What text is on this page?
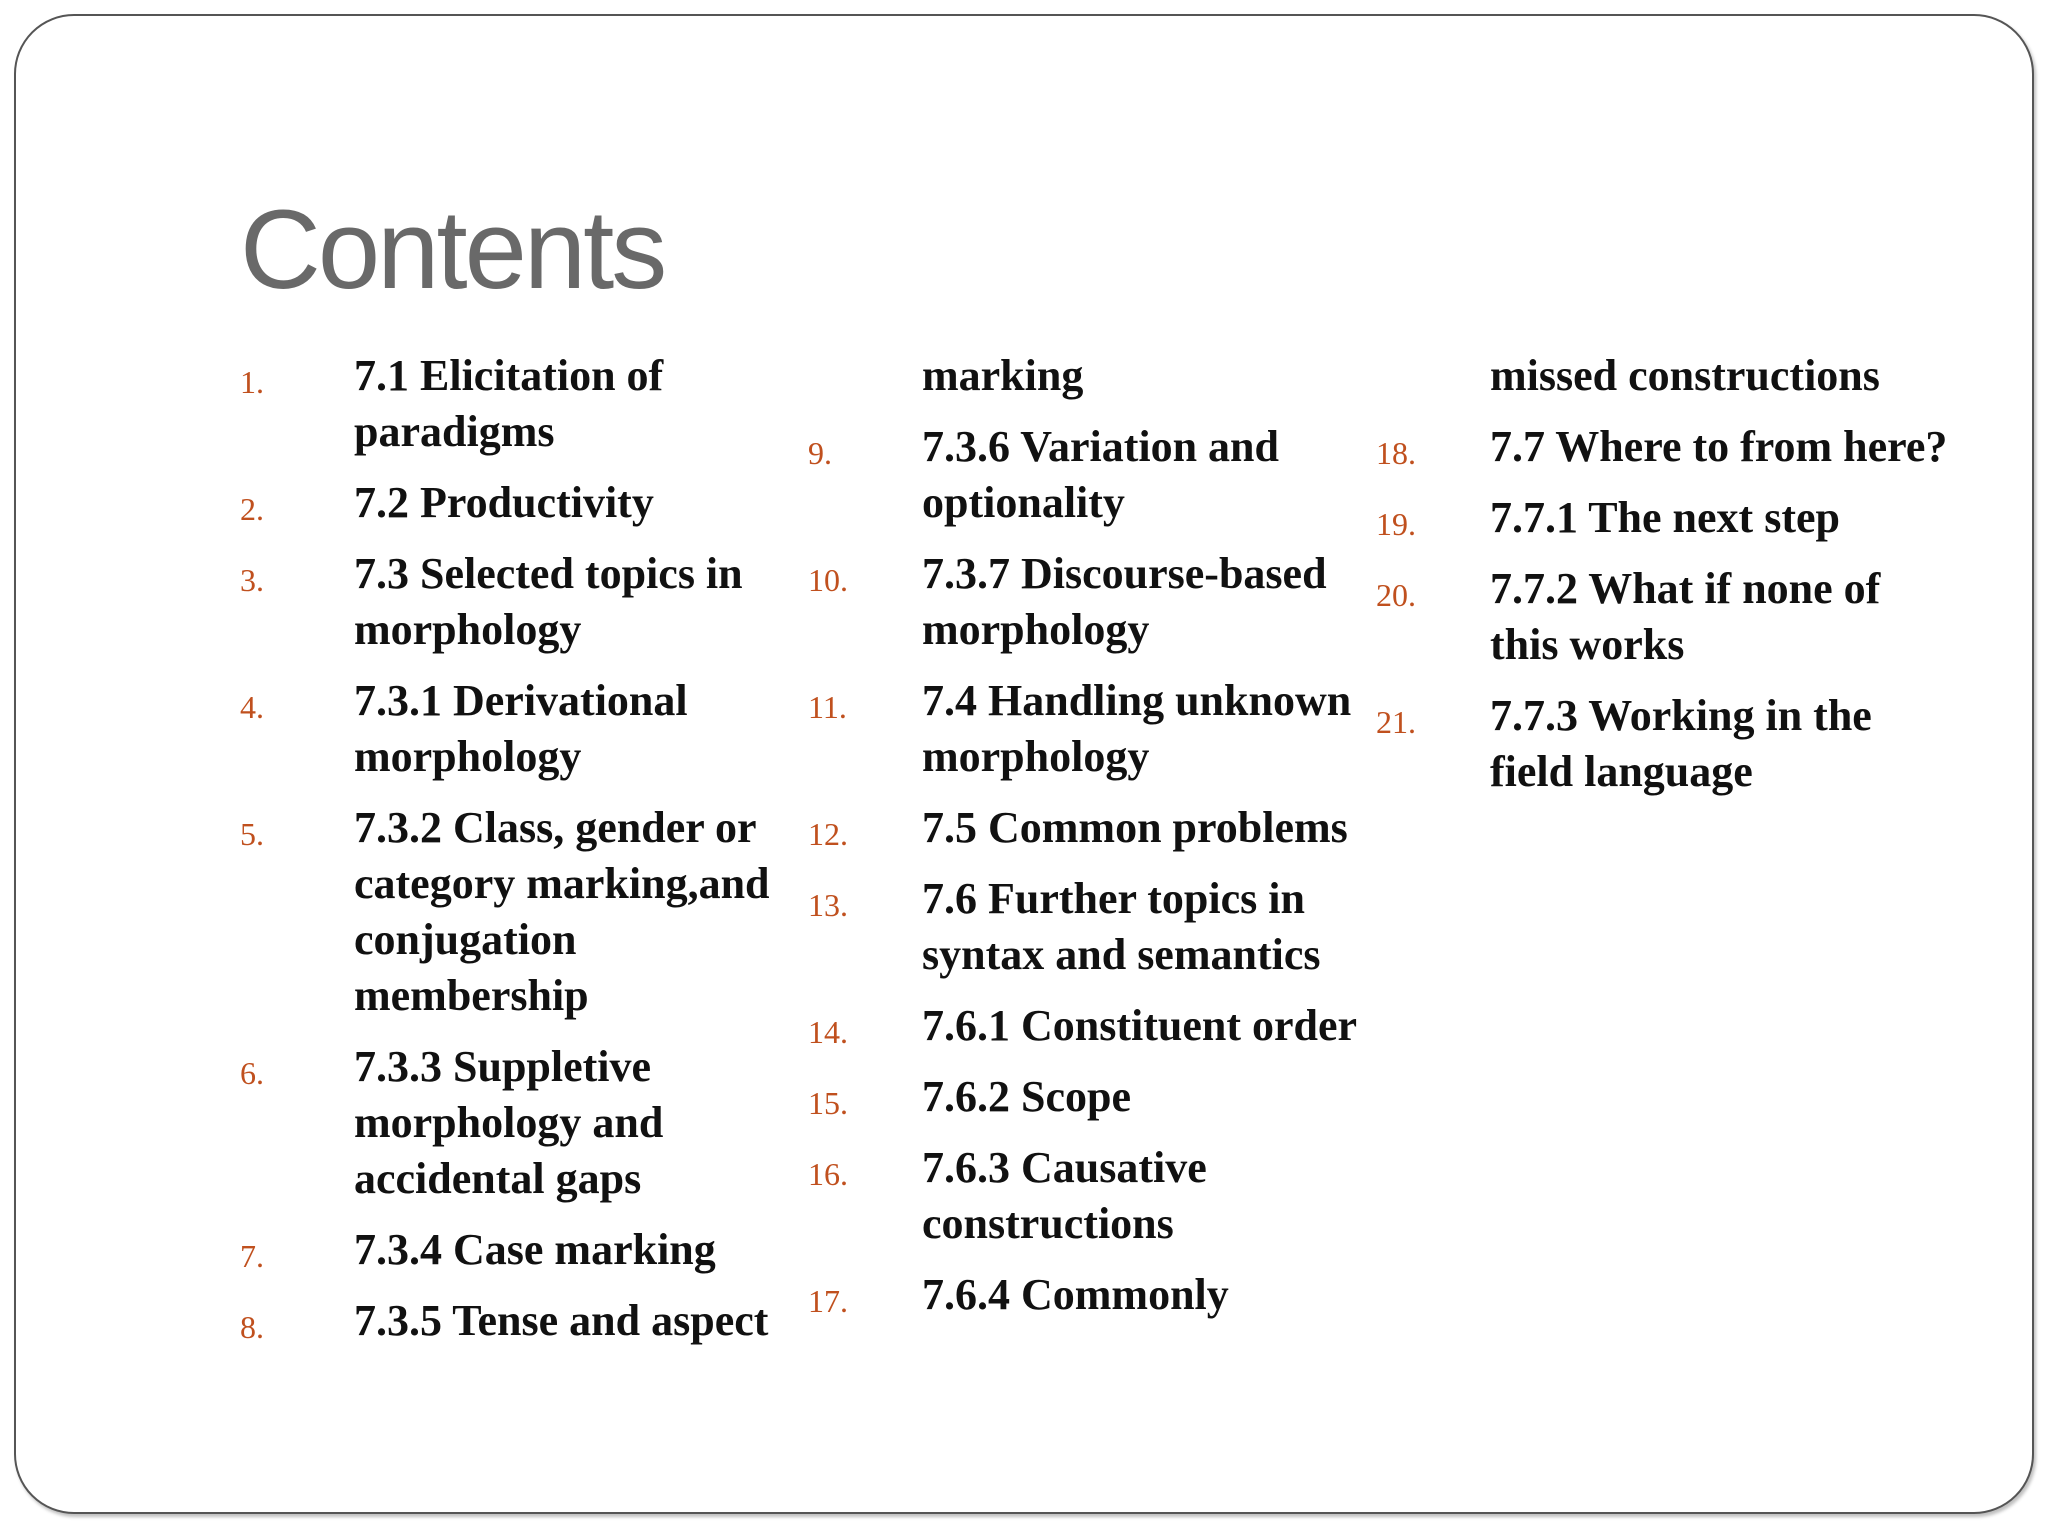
Contents
1. 7.1 Elicitation of paradigms
2. 7.2 Productivity
3. 7.3 Selected topics in morphology
4. 7.3.1 Derivational morphology
5. 7.3.2 Class, gender or category marking,and conjugation membership
6. 7.3.3 Suppletive morphology and accidental gaps
7. 7.3.4 Case marking
8. 7.3.5 Tense and aspect
marking
9. 7.3.6 Variation and optionality
10. 7.3.7 Discourse-based morphology
11. 7.4 Handling unknown morphology
12. 7.5 Common problems
13. 7.6 Further topics in syntax and semantics
14. 7.6.1 Constituent order
15. 7.6.2 Scope
16. 7.6.3 Causative constructions
17. 7.6.4 Commonly
missed constructions
18. 7.7 Where to from here?
19. 7.7.1 The next step
20. 7.7.2 What if none of this works
21. 7.7.3 Working in the field language
